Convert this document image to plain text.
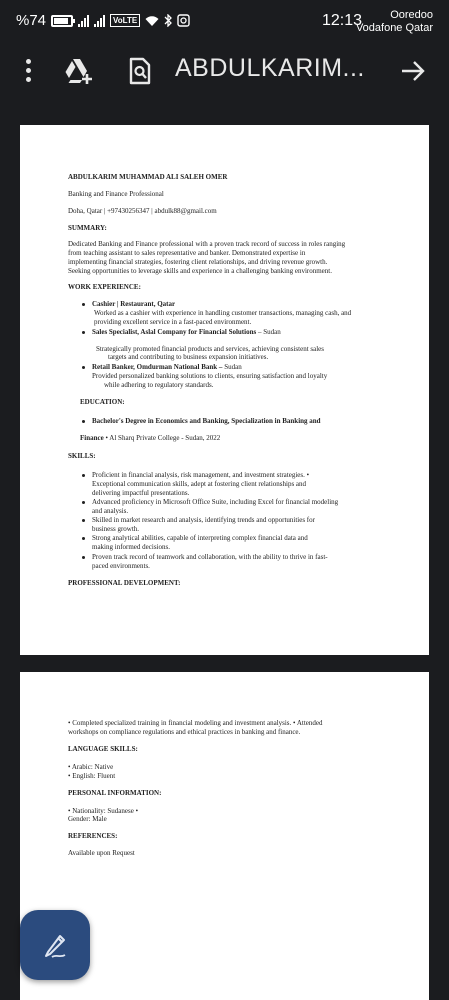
%74	VoLTE	12:13	Ooredoo
Vodafone Qatar
ABDULKARIM...
ABDULKARIM MUHAMMAD ALI SALEH OMER
Banking and Finance Professional
Doha, Qatar | +97430256347 | abdulk88@gmail.com
SUMMARY:
Dedicated Banking and Finance professional with a proven track record of success in roles ranging
from teaching assistant to sales representative and banker. Demonstrated expertise in
implementing financial strategies, fostering client relationships, and driving revenue growth.
Seeking opportunities to leverage skills and experience in a challenging banking environment.
WORK EXPERIENCE:
Cashier | Restaurant, Qatar
Worked as a cashier with experience in handling customer transactions, managing cash, and
providing excellent service in a fast-paced environment.
Sales Specialist, Aslal Company for Financial Solutions – Sudan
Strategically promoted financial products and services, achieving consistent sales
targets and contributing to business expansion initiatives.
Retail Banker, Omdurman National Bank – Sudan
Provided personalized banking solutions to clients, ensuring satisfaction and loyalty
while adhering to regulatory standards.
EDUCATION:
Bachelor's Degree in Economics and Banking, Specialization in Banking and
Finance • Al Sharq Private College - Sudan, 2022
SKILLS:
Proficient in financial analysis, risk management, and investment strategies. •
Exceptional communication skills, adept at fostering client relationships and
delivering impactful presentations.
Advanced proficiency in Microsoft Office Suite, including Excel for financial modeling
and analysis.
Skilled in market research and analysis, identifying trends and opportunities for
business growth.
Strong analytical abilities, capable of interpreting complex financial data and
making informed decisions.
Proven track record of teamwork and collaboration, with the ability to thrive in fast-
paced environments.
PROFESSIONAL DEVELOPMENT:
• Completed specialized training in financial modeling and investment analysis. • Attended
workshops on compliance regulations and ethical practices in banking and finance.
LANGUAGE SKILLS:
• Arabic: Native
• English: Fluent
PERSONAL INFORMATION:
• Nationality: Sudanese •
Gender: Male
REFERENCES:
Available upon Request
